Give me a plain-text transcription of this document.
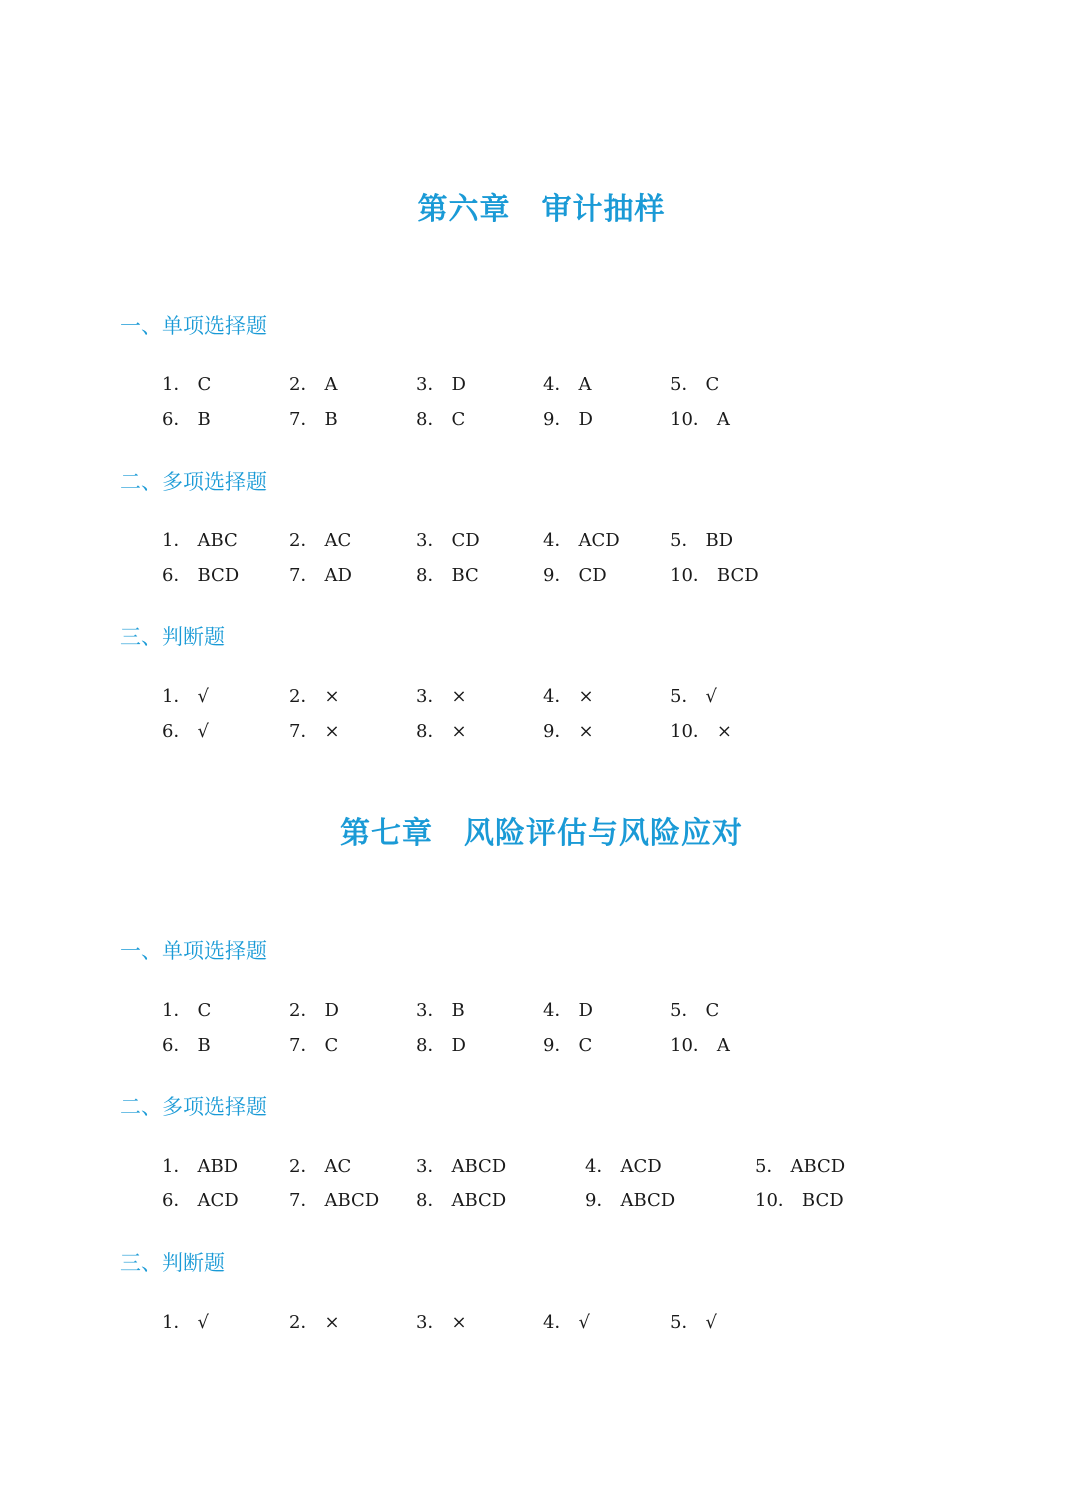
第六章　审计抽样
一、单项选择题
1． C	2． A	3． D	4． A	5． C
6． B	7． B	8． C	9． D	10． A
二、多项选择题
1． ABC	2． AC	3． CD	4． ACD	5． BD
6． BCD	7． AD	8． BC	9． CD	10． BCD
三、判断题
1． √	2． ×	3． ×	4． ×	5． √
6． √	7． ×	8． ×	9． ×	10． ×
第七章　风险评估与风险应对
一、单项选择题
1． C	2． D	3． B	4． D	5． C
6． B	7． C	8． D	9． C	10． A
二、多项选择题
1． ABD	2． AC	3． ABCD	4． ACD	5． ABCD
6． ACD	7． ABCD 8． ABCD	9． ABCD	10． BCD
三、判断题
1． √	2． ×	3． ×	4． √	5． √
